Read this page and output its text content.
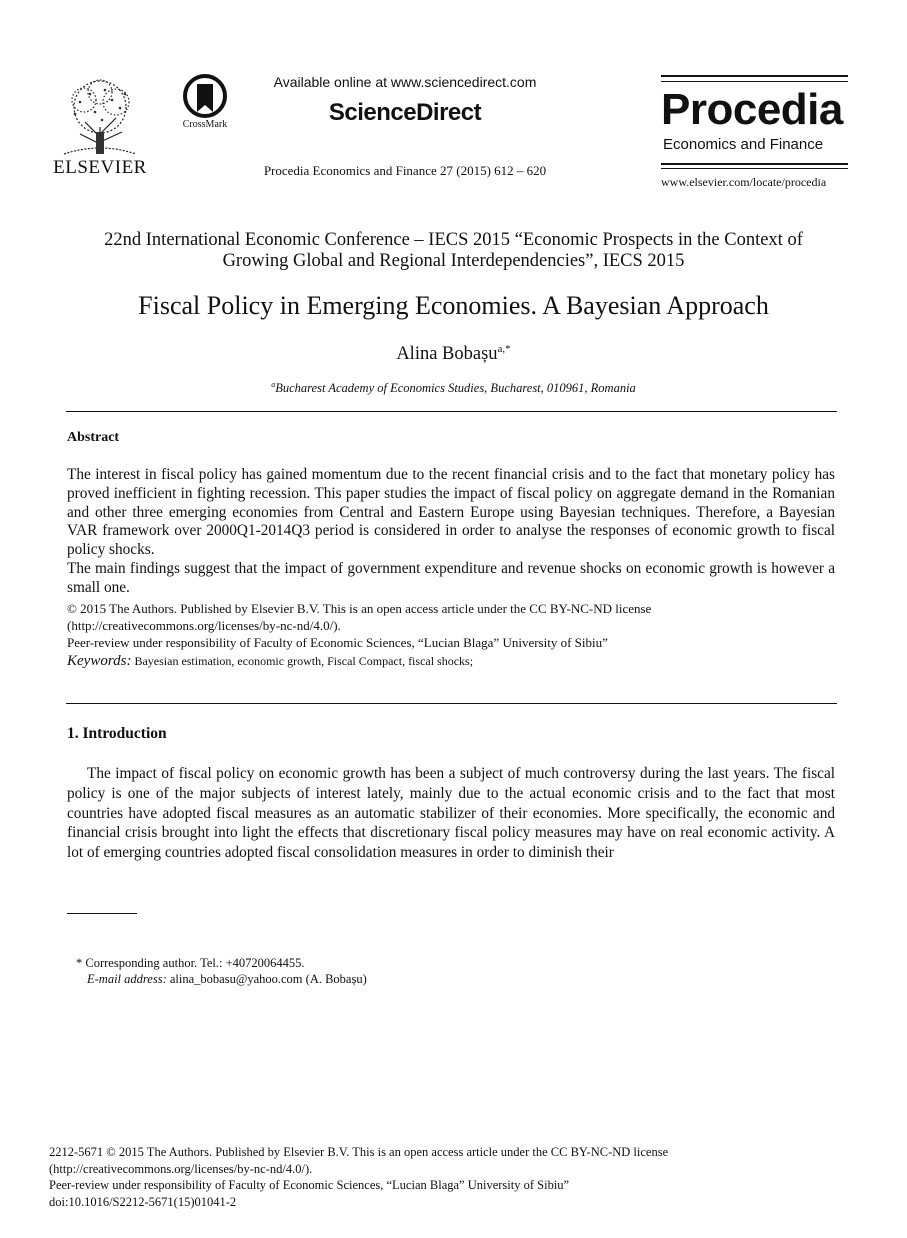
ELSEVIER
CrossMark
Available online at www.sciencedirect.com
ScienceDirect
Procedia Economics and Finance 27 (2015) 612 – 620
Procedia
Economics and Finance
www.elsevier.com/locate/procedia
22nd International Economic Conference – IECS 2015 “Economic Prospects in the Context of
Growing Global and Regional Interdependencies”, IECS 2015
Fiscal Policy in Emerging Economies. A Bayesian Approach
Alina Bobașu$^{a,*}$
$^a$Bucharest Academy of Economics Studies, Bucharest, 010961, Romania
Abstract

The interest in fiscal policy has gained momentum due to the recent financial crisis and to the fact that monetary policy has proved inefficient in fighting recession. This paper studies the impact of fiscal policy on aggregate demand in the Romanian and other three emerging economies from Central and Eastern Europe using Bayesian techniques. Therefore, a Bayesian VAR framework over 2000Q1-2014Q3 period is considered in order to analyse the responses of economic growth to fiscal policy shocks.

The main findings suggest that the impact of government expenditure and revenue shocks on economic growth is however a small one.

© 2015 The Authors. Published by Elsevier B.V. This is an open access article under the CC BY-NC-ND license

(http://creativecommons.org/licenses/by-nc-nd/4.0/).

Peer-review under responsibility of Faculty of Economic Sciences, “Lucian Blaga” University of Sibiu”

Keywords: Bayesian estimation, economic growth, Fiscal Compact, fiscal shocks;
1. Introduction
The impact of fiscal policy on economic growth has been a subject of much controversy during the last years. The fiscal policy is one of the major subjects of interest lately, mainly due to the actual economic crisis and to the fact that most countries have adopted fiscal measures as an automatic stabilizer of their economies. More specifically, the economic and financial crisis brought into light the effects that discretionary fiscal policy measures may have on real economic activity. A lot of emerging countries adopted fiscal consolidation measures in order to diminish their
* Corresponding author. Tel.: +40720064455.
E-mail address: alina_bobasu@yahoo.com (A. Bobașu)

2212-5671 © 2015 The Authors. Published by Elsevier B.V. This is an open access article under the CC BY-NC-ND license

(http://creativecommons.org/licenses/by-nc-nd/4.0/).

Peer-review under responsibility of Faculty of Economic Sciences, “Lucian Blaga” University of Sibiu”

doi:10.1016/S2212-5671(15)01041-2
